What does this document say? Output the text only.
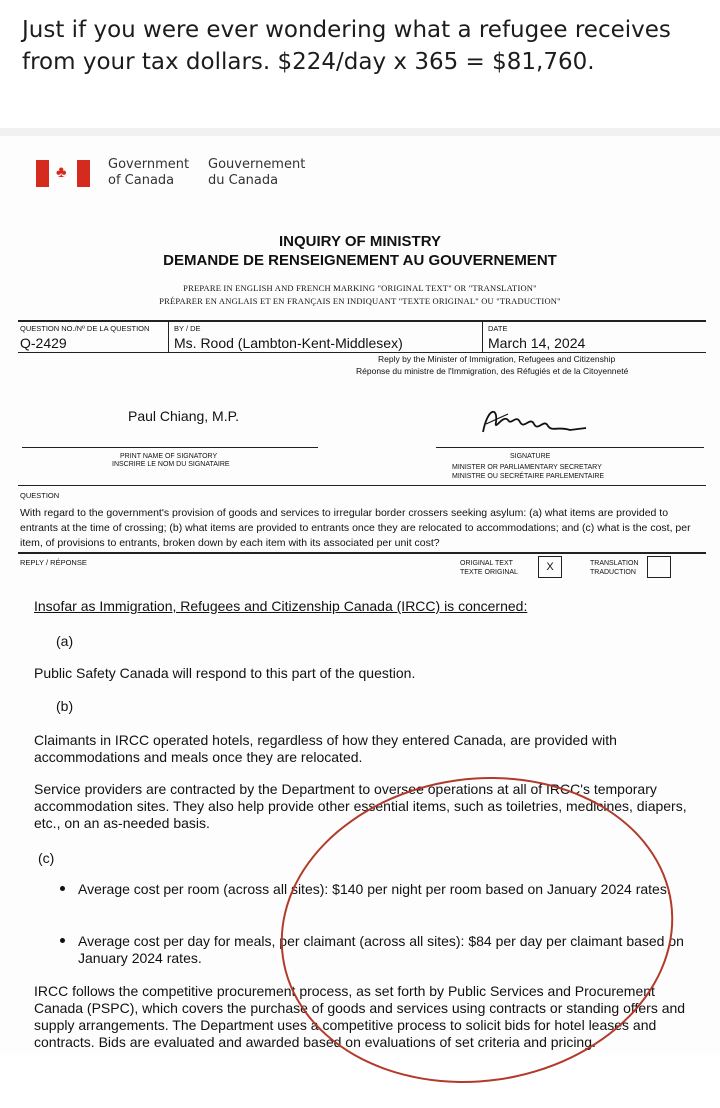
Just if you were ever wondering what a refugee receives from your tax dollars. $224/day x 365 = $81,760.
♣	Government
of Canada
Gouvernement
du Canada
INQUIRY OF MINISTRY
DEMANDE DE RENSEIGNEMENT AU GOUVERNEMENT
PREPARE IN ENGLISH AND FRENCH MARKING "ORIGINAL TEXT" OR "TRANSLATION"
PRÉPARER EN ANGLAIS ET EN FRANÇAIS EN INDIQUANT "TEXTE ORIGINAL" OU "TRADUCTION"
QUESTION NO./Nº DE LA QUESTION
Q-2429
BY / DE
Ms. Rood (Lambton-Kent-Middlesex)
DATE
March 14, 2024
Reply by the Minister of Immigration, Refugees and Citizenship
Réponse du ministre de l'Immigration, des Réfugiés et de la Citoyenneté
Paul Chiang, M.P.
PRINT NAME OF SIGNATORY
INSCRIRE LE NOM DU SIGNATAIRE
SIGNATURE
MINISTER OR PARLIAMENTARY SECRETARY
MINISTRE OU SECRÉTAIRE PARLEMENTAIRE
QUESTION
With regard to the government's provision of goods and services to irregular border crossers seeking asylum: (a) what items are provided to entrants at the time of crossing; (b) what items are provided to entrants once they are relocated to accommodations; and (c) what is the cost, per item, of provisions to entrants, broken down by each item with its associated per unit cost?
REPLY / RÉPONSE	ORIGINAL TEXT
TEXTE ORIGINAL	X	TRANSLATION
TRADUCTION
Insofar as Immigration, Refugees and Citizenship Canada (IRCC) is concerned:
(a)
Public Safety Canada will respond to this part of the question.
(b)
Claimants in IRCC operated hotels, regardless of how they entered Canada, are provided with accommodations and meals once they are relocated.
Service providers are contracted by the Department to oversee operations at all of IRCC's temporary accommodation sites. They also help provide other essential items, such as toiletries, medicines, diapers, etc., on an as-needed basis.
(c)
Average cost per room (across all sites): $140 per night per room based on January 2024 rates.
Average cost per day for meals, per claimant (across all sites): $84 per day per claimant based on January 2024 rates.
IRCC follows the competitive procurement process, as set forth by Public Services and Procurement Canada (PSPC), which covers the purchase of goods and services using contracts or standing offers and supply arrangements. The Department uses a competitive process to solicit bids for hotel leases and contracts. Bids are evaluated and awarded based on evaluations of set criteria and pricing.
